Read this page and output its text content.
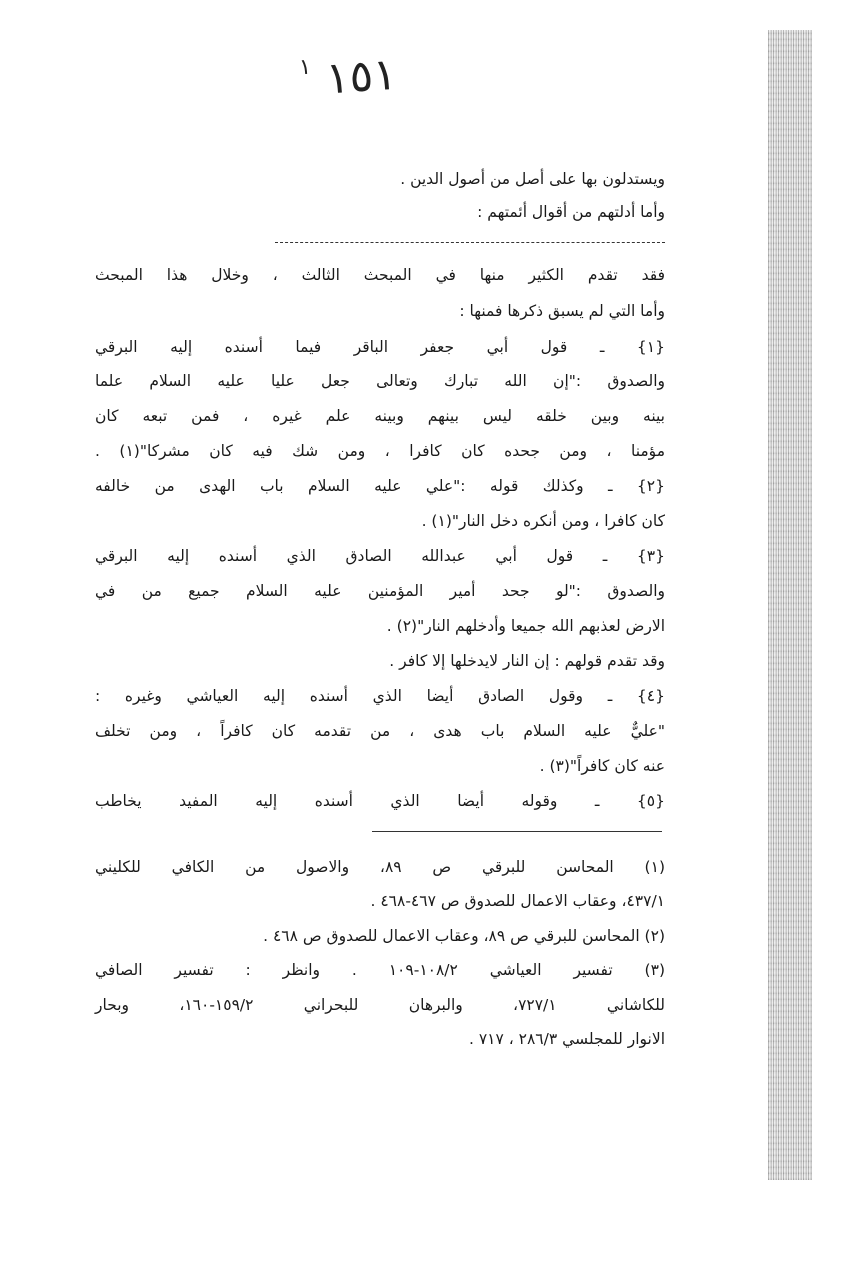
$^١$ ١٥١
ويستدلون بها على أصل من أصول الدين .
وأما أدلتهم من أقوال أئمتهم :
فقد تقدم الكثير منها في المبحث الثالث ، وخلال هذا المبحث
وأما التي لم يسبق ذكرها فمنها :
{١} ـ قول أبي جعفر الباقر فيما أسنده إليه البرقي
والصدوق :"إن الله تبارك وتعالى جعل عليا عليه السلام علما
بينه وبين خلقه ليس بينهم وبينه علم غيره ، فمن تبعه كان
مؤمنا ، ومن جحده كان كافرا ، ومن شك فيه كان مشركا"(١) .
{٢} ـ وكذلك قوله :"علي عليه السلام باب الهدى من خالفه
كان كافرا ، ومن أنكره دخل النار"(١) .
{٣} ـ قول أبي عبدالله الصادق الذي أسنده إليه البرقي
والصدوق :"لو جحد أمير المؤمنين عليه السلام جميع من في
الارض لعذبهم الله جميعا وأدخلهم النار"(٢) .
وقد تقدم قولهم : إن النار لايدخلها إلا كافر .
{٤} ـ وقول الصادق أيضا الذي أسنده إليه العياشي وغيره :
"عليٌّ عليه السلام باب هدى ، من تقدمه كان كافراً ، ومن تخلف
عنه كان كافراً"(٣) .
{٥} ـ وقوله أيضا الذي أسنده إليه المفيد يخاطب
(١) المحاسن للبرقي ص ٨٩، والاصول من الكافي للكليني
٤٣٧/١، وعقاب الاعمال للصدوق ص ٤٦٧-٤٦٨ .
(٢) المحاسن للبرقي ص ٨٩، وعقاب الاعمال للصدوق ص ٤٦٨ .
(٣) تفسير العياشي ١٠٨/٢-١٠٩ . وانظر : تفسير الصافي
للكاشاني ٧٢٧/١، والبرهان للبحراني ١٥٩/٢-١٦٠، وبحار
الانوار للمجلسي ٢٨٦/٣ ، ٧١٧ .
